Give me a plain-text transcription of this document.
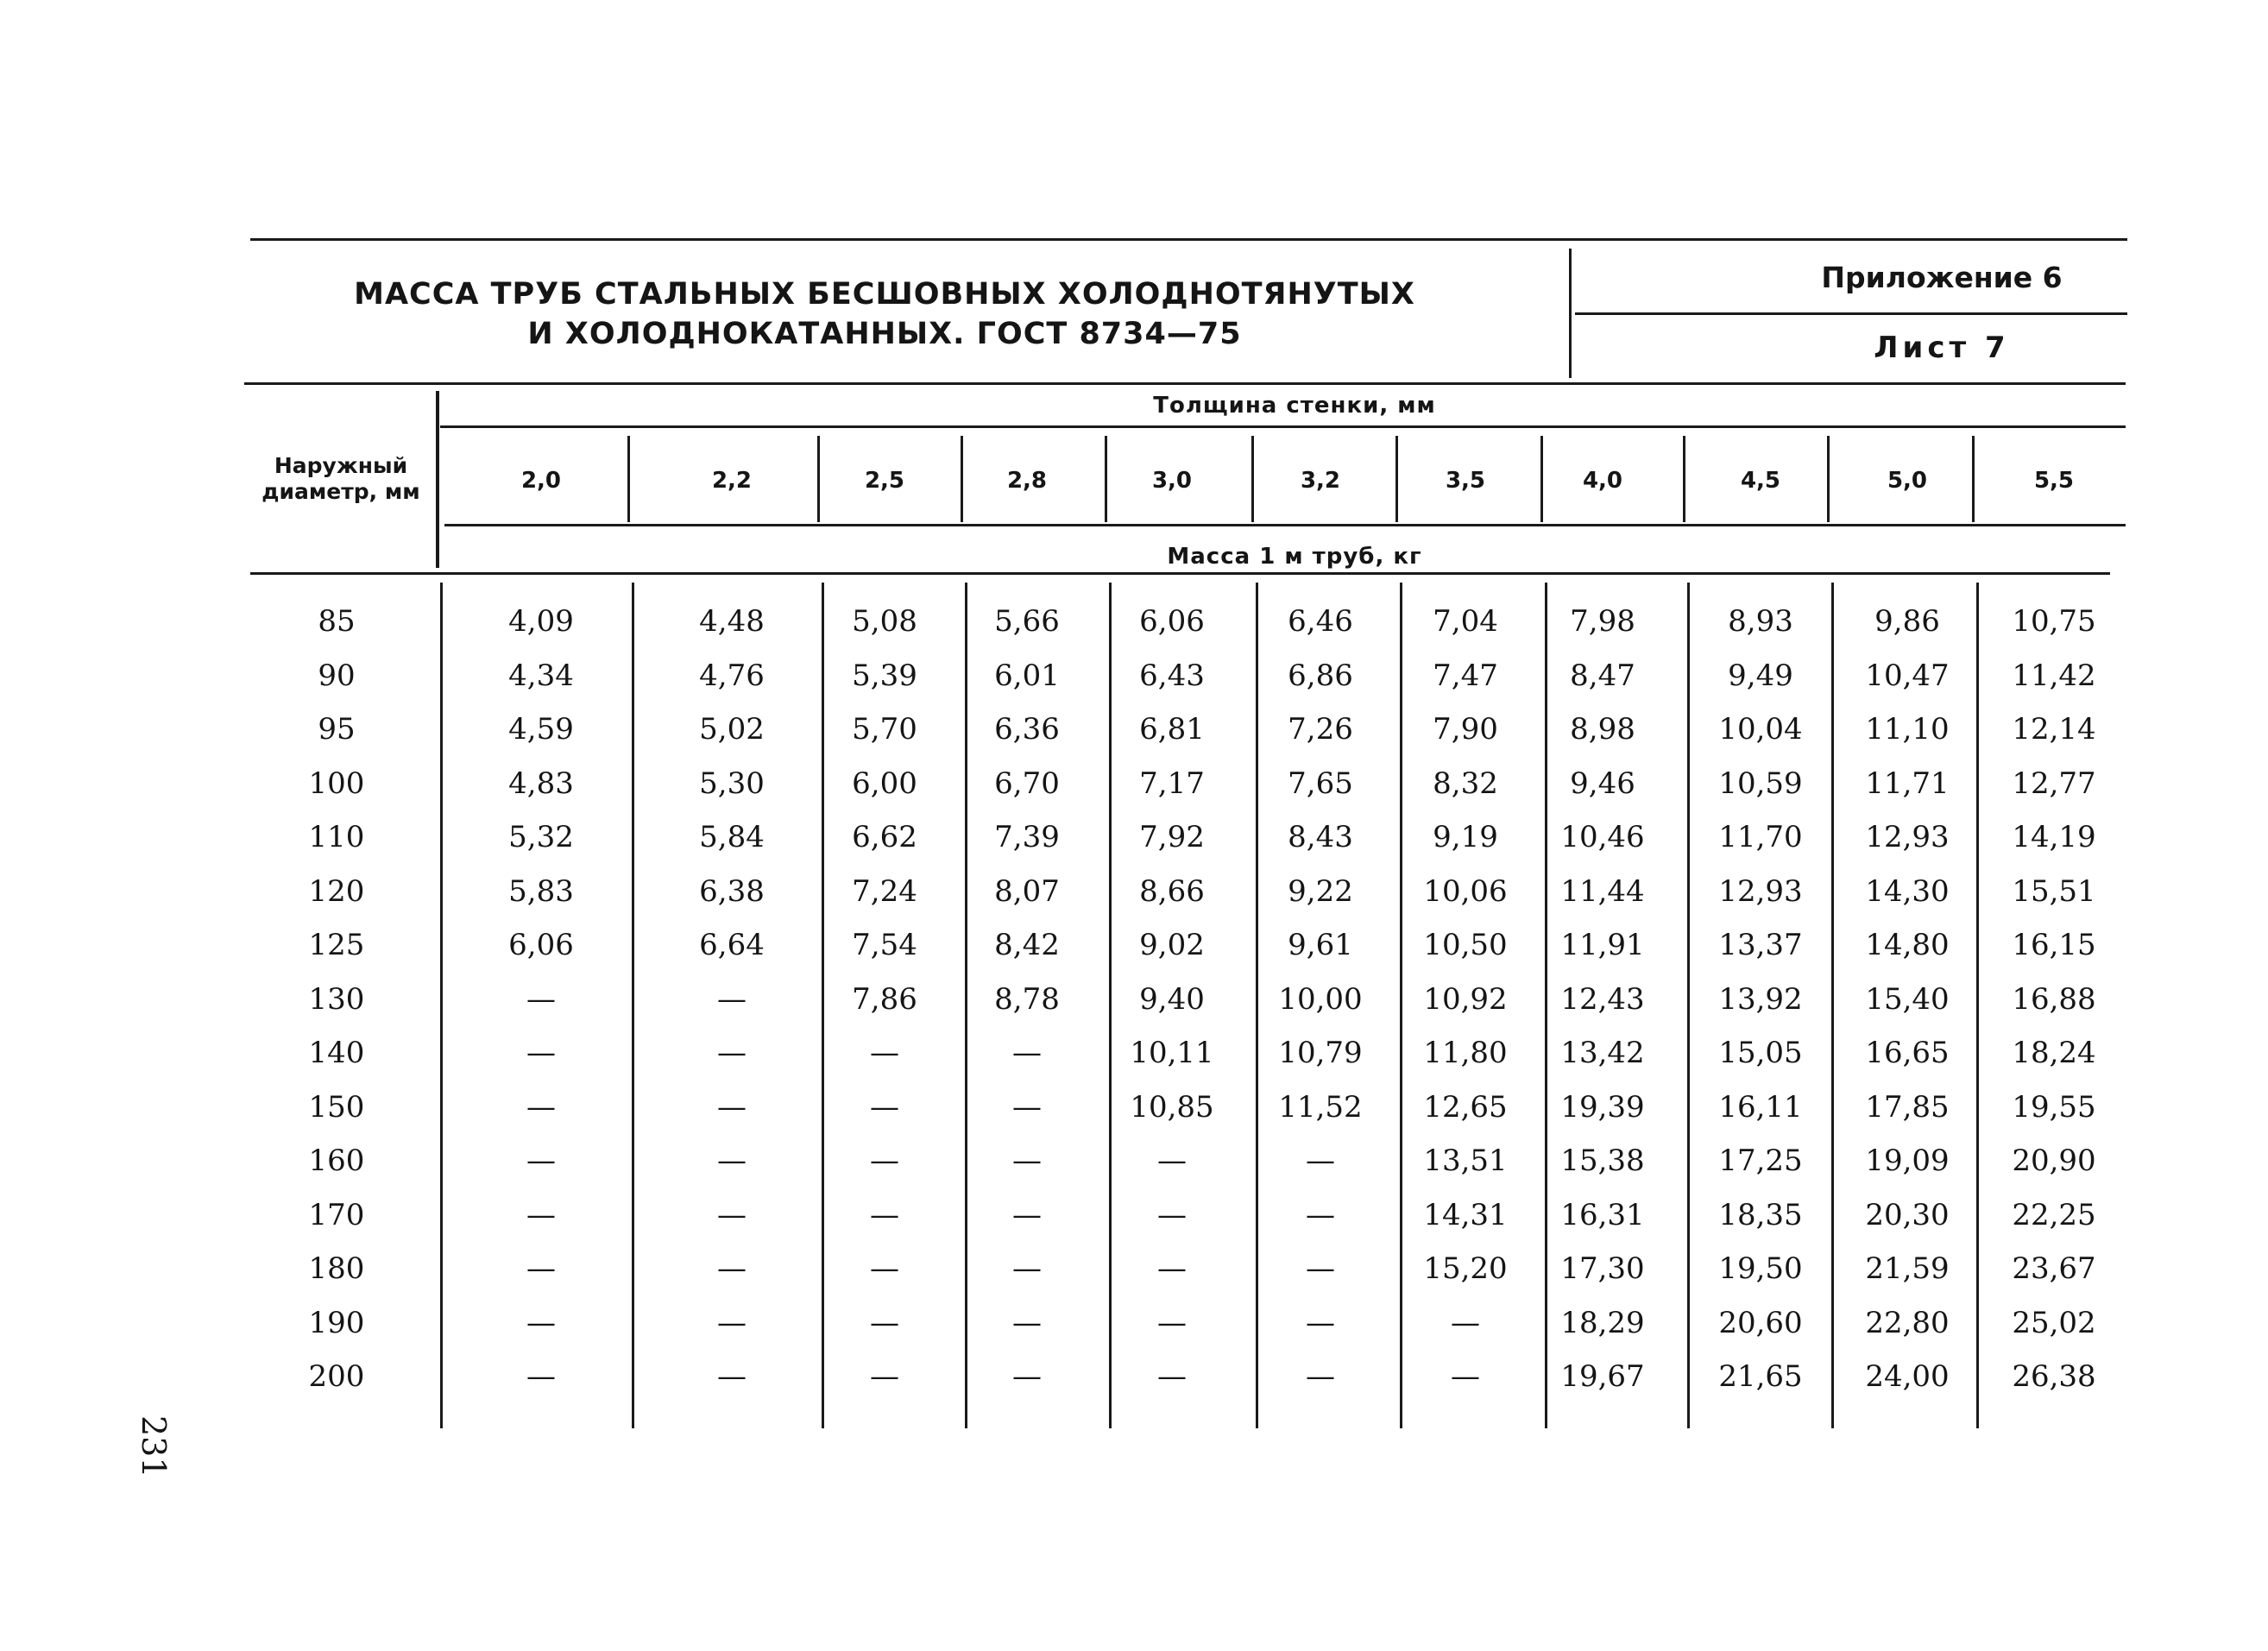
МАССА ТРУБ СТАЛЬНЫХ БЕСШОВНЫХ ХОЛОДНОТЯНУТЫХ
И ХОЛОДНОКАТАННЫХ. ГОСТ 8734—75
Приложение 6
Лист 7
Наружный
диаметр, мм
Толщина стенки, мм
Масса 1 м труб, кг
2,0	2,2	2,5	2,8	3,0	3,2	3,5	4,0	4,5	5,0	5,5
85	4,09	4,48	5,08	5,66	6,06	6,46	7,04	7,98	8,93	9,86	10,75
90	4,34	4,76	5,39	6,01	6,43	6,86	7,47	8,47	9,49	10,47	11,42
95	4,59	5,02	5,70	6,36	6,81	7,26	7,90	8,98	10,04	11,10	12,14
100	4,83	5,30	6,00	6,70	7,17	7,65	8,32	9,46	10,59	11,71	12,77
110	5,32	5,84	6,62	7,39	7,92	8,43	9,19	10,46	11,70	12,93	14,19
120	5,83	6,38	7,24	8,07	8,66	9,22	10,06	11,44	12,93	14,30	15,51
125	6,06	6,64	7,54	8,42	9,02	9,61	10,50	11,91	13,37	14,80	16,15
130	—	—	7,86	8,78	9,40	10,00	10,92	12,43	13,92	15,40	16,88
140	—	—	—	—	10,11	10,79	11,80	13,42	15,05	16,65	18,24
150	—	—	—	—	10,85	11,52	12,65	19,39	16,11	17,85	19,55
160	—	—	—	—	—	—	13,51	15,38	17,25	19,09	20,90
170	—	—	—	—	—	—	14,31	16,31	18,35	20,30	22,25
180	—	—	—	—	—	—	15,20	17,30	19,50	21,59	23,67
190	—	—	—	—	—	—	—	18,29	20,60	22,80	25,02
200	—	—	—	—	—	—	—	19,67	21,65	24,00	26,38
231
